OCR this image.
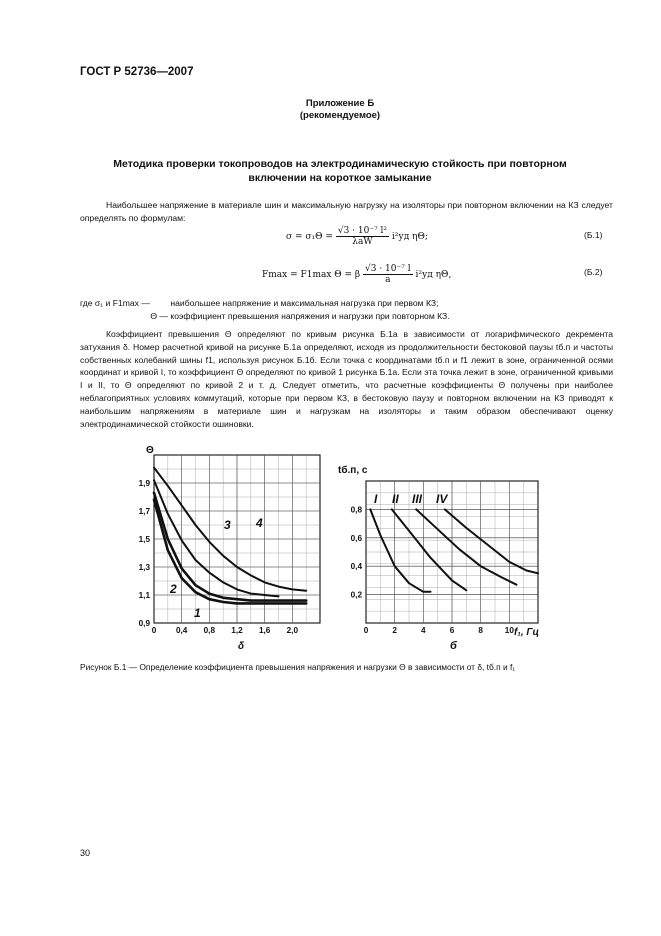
ГОСТ Р 52736—2007
Приложение Б
(рекомендуемое)
Методика проверки токопроводов на электродинамическую стойкость при повторном включении на короткое замыкание
Наибольшее напряжение в материале шин и максимальную нагрузку на изоляторы при повторном включении на КЗ следует определять по формулам:
$\sigma = \sigma_1\Theta = \frac{\text{√3 · 10⁻⁷ l²}}{\text{λaW}} i^2уд$ ηΘ;	(Б.1)
Fmax = F1max Θ = β $\frac{\text{√3 · 10⁻⁷ l}}{a} i^2уд$ ηΘ,	(Б.2)
где σ₁ и F1max — наибольшее напряжение и максимальная нагрузка при первом КЗ;
Θ — коэффициент превышения напряжения и нагрузки при повторном КЗ.
Коэффициент превышения Θ определяют по кривым рисунка Б.1а в зависимости от логарифмического декремента затухания δ. Номер расчетной кривой на рисунке Б.1а определяют, исходя из продолжительности бестоковой паузы tб.п и частоты собственных колебаний шины f1, используя рисунок Б.1б. Если точка с координатами tб.п и f1 лежит в зоне, ограниченной осями координат и кривой I, то коэффициент Θ определяют по кривой 1 рисунка Б.1а. Если эта точка лежит в зоне, ограниченной кривыми I и II, то Θ определяют по кривой 2 и т. д. Следует отметить, что расчетные коэффициенты Θ получены при наиболее неблагоприятных условиях коммутаций, которые при первом КЗ, в бестоковую паузу и повторном включении на КЗ приводят к наибольшим напряжениям в материале шин и нагрузкам на изоляторы и таким образом обеспечивают оценку электродинамической стойкости ошиновки.
0 0,4 0,8 1,2 1,6 2,0
0,9
1,1
1,3
1,5
1,7
1,9
1
2
3 4
Θ
δ
0	2	4	6	8	10
0,2
0,4
0,6
0,8
I II III IV
tб.п, с
f₁, Гц
б
Рисунок Б.1 — Определение коэффициента превышения напряжения и нагрузки Θ в зависимости от δ, tб.п и f₁
30
